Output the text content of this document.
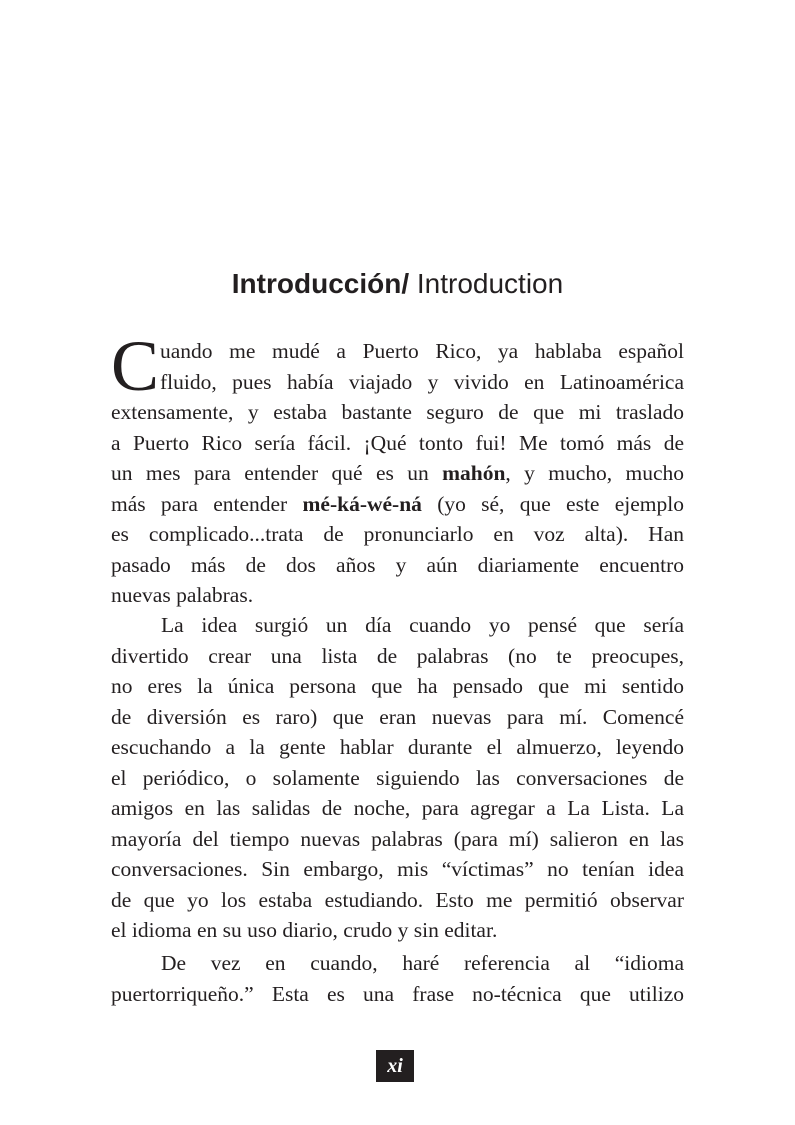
Introducción/ Introduction
C uando me mudé a Puerto Rico, ya hablaba español
fluido, pues había viajado y vivido en Latinoamérica
extensamente, y estaba bastante seguro de que mi traslado
a Puerto Rico sería fácil. ¡Qué tonto fui! Me tomó más de
un mes para entender qué es un mahón, y mucho, mucho
más para entender mé-ká-wé-ná (yo sé, que este ejemplo
es complicado...trata de pronunciarlo en voz alta). Han
pasado más de dos años y aún diariamente encuentro
nuevas palabras.
La idea surgió un día cuando yo pensé que sería
divertido crear una lista de palabras (no te preocupes,
no eres la única persona que ha pensado que mi sentido
de diversión es raro) que eran nuevas para mí. Comencé
escuchando a la gente hablar durante el almuerzo, leyendo
el periódico, o solamente siguiendo las conversaciones de
amigos en las salidas de noche, para agregar a La Lista. La
mayoría del tiempo nuevas palabras (para mí) salieron en las
conversaciones. Sin embargo, mis “víctimas” no tenían idea
de que yo los estaba estudiando. Esto me permitió observar
el idioma en su uso diario, crudo y sin editar.
De vez en cuando, haré referencia al “idioma
puertorriqueño.” Esta es una frase no-técnica que utilizo
xi
